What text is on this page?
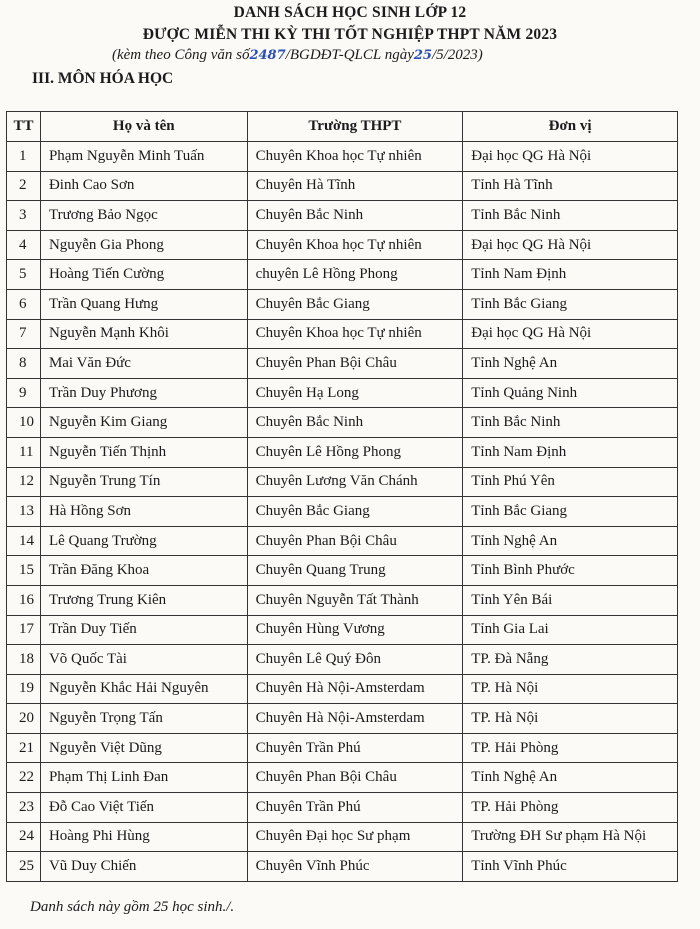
DANH SÁCH HỌC SINH LỚP 12
ĐƯỢC MIỄN THI KỲ THI TỐT NGHIỆP THPT NĂM 2023
(kèm theo Công văn số2487/BGDĐT-QLCL ngày25/5/2023)
III. MÔN HÓA HỌC
TT	Họ và tên	Trường THPT	Đơn vị
1	Phạm Nguyễn Minh Tuấn	Chuyên Khoa học Tự nhiên	Đại học QG Hà Nội
2	Đinh Cao Sơn	Chuyên Hà Tĩnh	Tỉnh Hà Tĩnh
3	Trương Bảo Ngọc	Chuyên Bắc Ninh	Tỉnh Bắc Ninh
4	Nguyễn Gia Phong	Chuyên Khoa học Tự nhiên	Đại học QG Hà Nội
5	Hoàng Tiến Cường	chuyên Lê Hồng Phong	Tỉnh Nam Định
6	Trần Quang Hưng	Chuyên Bắc Giang	Tỉnh Bắc Giang
7	Nguyễn Mạnh Khôi	Chuyên Khoa học Tự nhiên	Đại học QG Hà Nội
8	Mai Văn Đức	Chuyên Phan Bội Châu	Tỉnh Nghệ An
9	Trần Duy Phương	Chuyên Hạ Long	Tỉnh Quảng Ninh
10	Nguyễn Kim Giang	Chuyên Bắc Ninh	Tỉnh Bắc Ninh
11	Nguyễn Tiến Thịnh	Chuyên Lê Hồng Phong	Tỉnh Nam Định
12	Nguyễn Trung Tín	Chuyên Lương Văn Chánh	Tỉnh Phú Yên
13	Hà Hồng Sơn	Chuyên Bắc Giang	Tỉnh Bắc Giang
14	Lê Quang Trường	Chuyên Phan Bội Châu	Tỉnh Nghệ An
15	Trần Đăng Khoa	Chuyên Quang Trung	Tỉnh Bình Phước
16	Trương Trung Kiên	Chuyên Nguyễn Tất Thành	Tỉnh Yên Bái
17	Trần Duy Tiến	Chuyên Hùng Vương	Tỉnh Gia Lai
18	Võ Quốc Tài	Chuyên Lê Quý Đôn	TP. Đà Nẵng
19	Nguyễn Khắc Hải Nguyên	Chuyên Hà Nội-Amsterdam	TP. Hà Nội
20	Nguyễn Trọng Tấn	Chuyên Hà Nội-Amsterdam	TP. Hà Nội
21	Nguyễn Việt Dũng	Chuyên Trần Phú	TP. Hải Phòng
22	Phạm Thị Linh Đan	Chuyên Phan Bội Châu	Tỉnh Nghệ An
23	Đỗ Cao Việt Tiến	Chuyên Trần Phú	TP. Hải Phòng
24	Hoàng Phi Hùng	Chuyên Đại học Sư phạm	Trường ĐH Sư phạm Hà Nội
25	Vũ Duy Chiến	Chuyên Vĩnh Phúc	Tỉnh Vĩnh Phúc
Danh sách này gồm 25 học sinh./.
